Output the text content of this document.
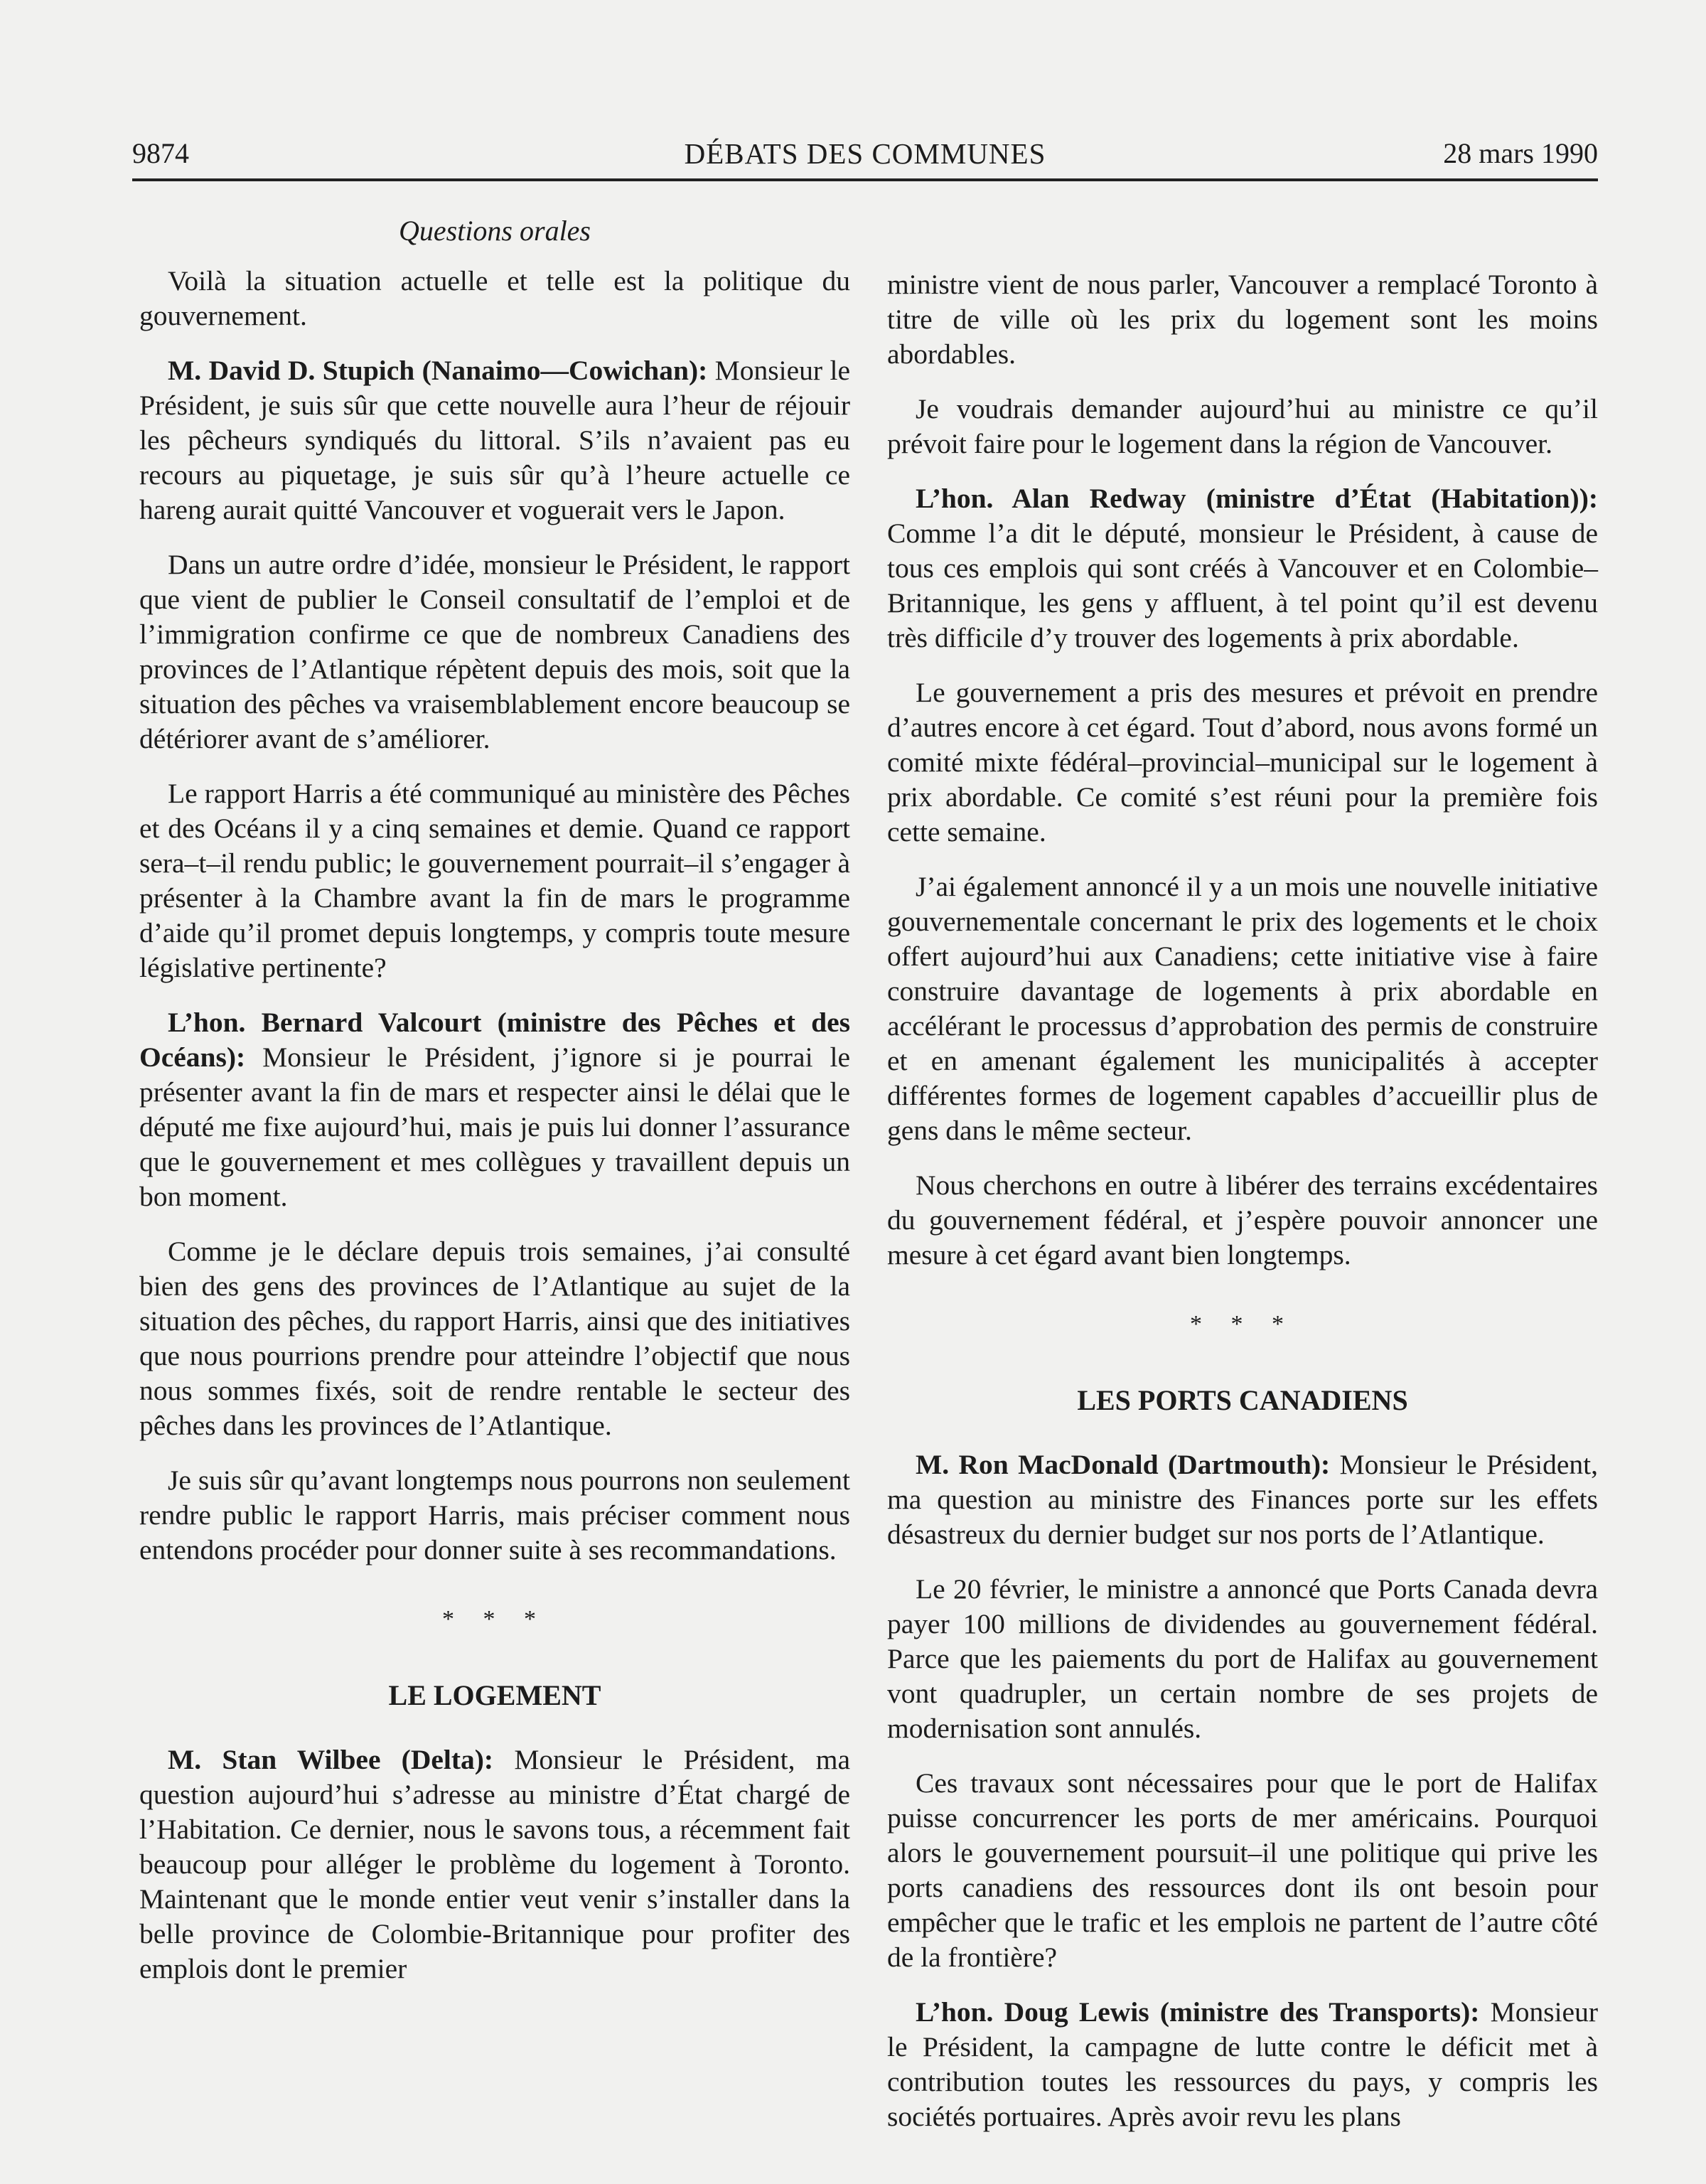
9874	DÉBATS DES COMMUNES	28 mars 1990
Questions orales

Voilà la situation actuelle et telle est la politique du gouvernement.

M. David D. Stupich (Nanaimo—Cowichan): Monsieur le Président, je suis sûr que cette nouvelle aura l’heur de réjouir les pêcheurs syndiqués du littoral. S’ils n’avaient pas eu recours au piquetage, je suis sûr qu’à l’heure actuelle ce hareng aurait quitté Vancouver et voguerait vers le Japon.

Dans un autre ordre d’idée, monsieur le Président, le rapport que vient de publier le Conseil consultatif de l’emploi et de l’immigration confirme ce que de nombreux Canadiens des provinces de l’Atlantique répètent depuis des mois, soit que la situation des pêches va vraisemblablement encore beaucoup se détériorer avant de s’améliorer.

Le rapport Harris a été communiqué au ministère des Pêches et des Océans il y a cinq semaines et demie. Quand ce rapport sera–t–il rendu public; le gouvernement pourrait–il s’engager à présenter à la Chambre avant la fin de mars le programme d’aide qu’il promet depuis longtemps, y compris toute mesure législative pertinente?

L’hon. Bernard Valcourt (ministre des Pêches et des Océans): Monsieur le Président, j’ignore si je pourrai le présenter avant la fin de mars et respecter ainsi le délai que le député me fixe aujourd’hui, mais je puis lui donner l’assurance que le gouvernement et mes collègues y travaillent depuis un bon moment.

Comme je le déclare depuis trois semaines, j’ai consulté bien des gens des provinces de l’Atlantique au sujet de la situation des pêches, du rapport Harris, ainsi que des initiatives que nous pourrions prendre pour atteindre l’objectif que nous nous sommes fixés, soit de rendre rentable le secteur des pêches dans les provinces de l’Atlantique.

Je suis sûr qu’avant longtemps nous pourrons non seulement rendre public le rapport Harris, mais préciser comment nous entendons procéder pour donner suite à ses recommandations.

* * *
LE LOGEMENT

M. Stan Wilbee (Delta): Monsieur le Président, ma question aujourd’hui s’adresse au ministre d’État chargé de l’Habitation. Ce dernier, nous le savons tous, a récemment fait beaucoup pour alléger le problème du logement à Toronto. Maintenant que le monde entier veut venir s’installer dans la belle province de Colombie-Britannique pour profiter des emplois dont le premier

ministre vient de nous parler, Vancouver a remplacé Toronto à titre de ville où les prix du logement sont les moins abordables.

Je voudrais demander aujourd’hui au ministre ce qu’il prévoit faire pour le logement dans la région de Vancouver.

L’hon. Alan Redway (ministre d’État (Habitation)): Comme l’a dit le député, monsieur le Président, à cause de tous ces emplois qui sont créés à Vancouver et en Colombie–Britannique, les gens y affluent, à tel point qu’il est devenu très difficile d’y trouver des logements à prix abordable.

Le gouvernement a pris des mesures et prévoit en prendre d’autres encore à cet égard. Tout d’abord, nous avons formé un comité mixte fédéral–provincial–municipal sur le logement à prix abordable. Ce comité s’est réuni pour la première fois cette semaine.

J’ai également annoncé il y a un mois une nouvelle initiative gouvernementale concernant le prix des logements et le choix offert aujourd’hui aux Canadiens; cette initiative vise à faire construire davantage de logements à prix abordable en accélérant le processus d’approbation des permis de construire et en amenant également les municipalités à accepter différentes formes de logement capables d’accueillir plus de gens dans le même secteur.

Nous cherchons en outre à libérer des terrains excédentaires du gouvernement fédéral, et j’espère pouvoir annoncer une mesure à cet égard avant bien longtemps.

* * *
LES PORTS CANADIENS

M. Ron MacDonald (Dartmouth): Monsieur le Président, ma question au ministre des Finances porte sur les effets désastreux du dernier budget sur nos ports de l’Atlantique.

Le 20 février, le ministre a annoncé que Ports Canada devra payer 100 millions de dividendes au gouvernement fédéral. Parce que les paiements du port de Halifax au gouvernement vont quadrupler, un certain nombre de ses projets de modernisation sont annulés.

Ces travaux sont nécessaires pour que le port de Halifax puisse concurrencer les ports de mer américains. Pourquoi alors le gouvernement poursuit–il une politique qui prive les ports canadiens des ressources dont ils ont besoin pour empêcher que le trafic et les emplois ne partent de l’autre côté de la frontière?

L’hon. Doug Lewis (ministre des Transports): Monsieur le Président, la campagne de lutte contre le déficit met à contribution toutes les ressources du pays, y compris les sociétés portuaires. Après avoir revu les plans
